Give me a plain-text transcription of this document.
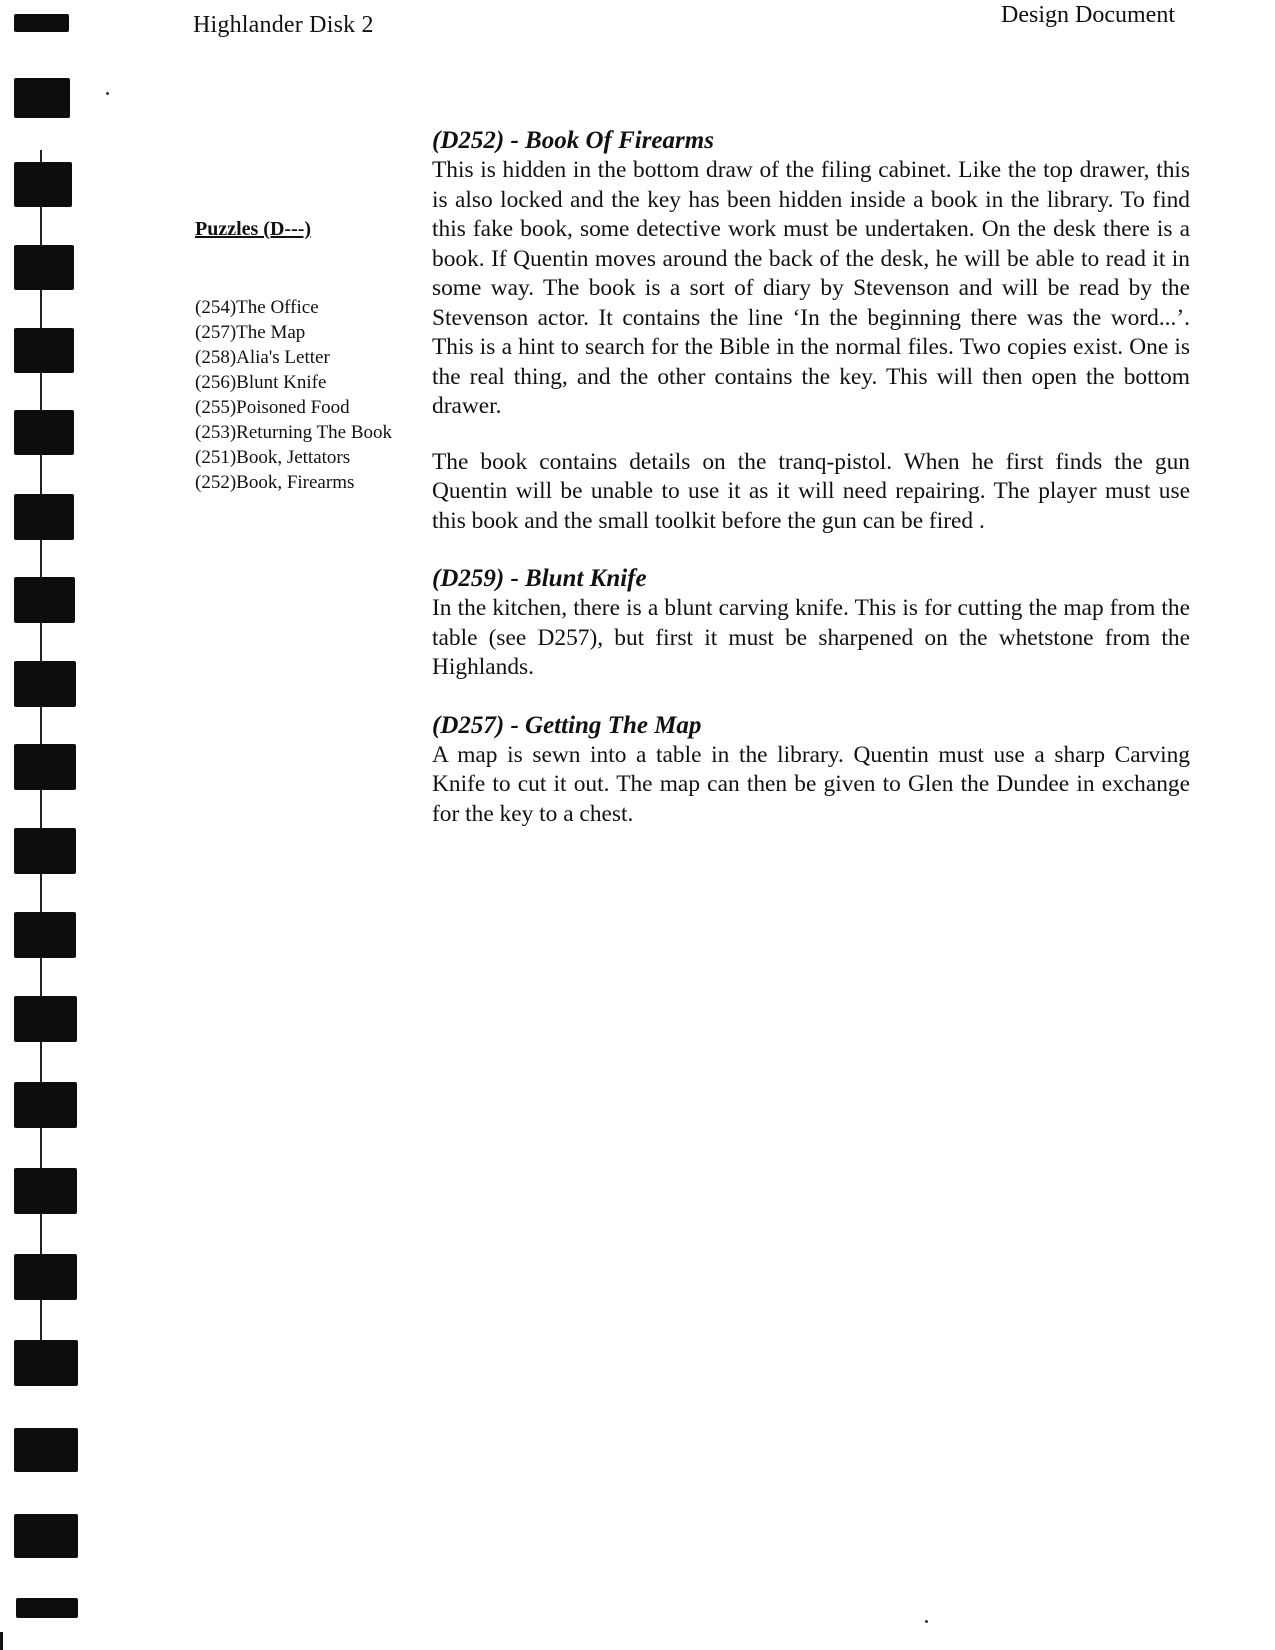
Highlander Disk 2	Design Document
Puzzles (D---)
(254)The Office
(257)The Map
(258)Alia's Letter
(256)Blunt Knife
(255)Poisoned Food
(253)Returning The Book
(251)Book, Jettators
(252)Book, Firearms
(D252) - Book Of Firearms

This is hidden in the bottom draw of the filing cabinet. Like the top drawer, this is also locked and the key has been hidden inside a book in the library. To find this fake book, some detective work must be undertaken. On the desk there is a book. If Quentin moves around the back of the desk, he will be able to read it in some way. The book is a sort of diary by Stevenson and will be read by the Stevenson actor. It contains the line ‘In the beginning there was the word...’. This is a hint to search for the Bible in the normal files. Two copies exist. One is the real thing, and the other contains the key. This will then open the bottom drawer.

The book contains details on the tranq-pistol. When he first finds the gun Quentin will be unable to use it as it will need repairing. The player must use this book and the small toolkit before the gun can be fired .

(D259) - Blunt Knife

In the kitchen, there is a blunt carving knife. This is for cutting the map from the table (see D257), but first it must be sharpened on the whetstone from the Highlands.

(D257) - Getting The Map

A map is sewn into a table in the library. Quentin must use a sharp Carving Knife to cut it out. The map can then be given to Glen the Dundee in exchange for the key to a chest.
